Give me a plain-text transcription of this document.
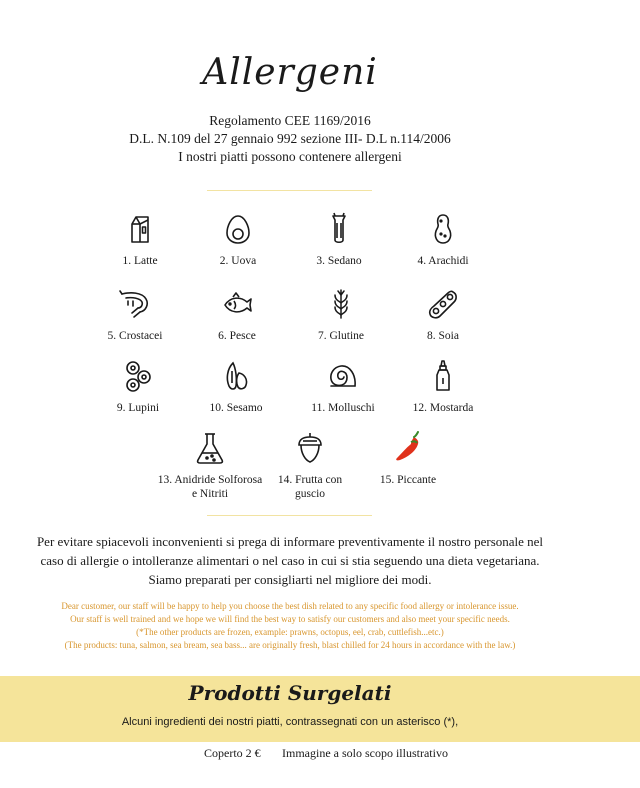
Allergeni
Regolamento CEE 1169/2016
D.L. N.109 del 27 gennaio 992 sezione III- D.L n.114/2006
I nostri piatti possono contenere allergeni
1. Latte	2. Uova	3. Sedano	4. Arachidi
5. Crostacei	6. Pesce	7. Glutine	8. Soia
9. Lupini	10. Sesamo	11. Molluschi	12. Mostarda
13. Anidride Solforosa
e Nitriti
14. Frutta con
guscio
15. Piccante
Per evitare spiacevoli inconvenienti si prega di informare preventivamente il nostro personale nel
caso di allergie o intolleranze alimentari o nel caso in cui si stia seguendo una dieta vegetariana.
Siamo preparati per consigliarti nel migliore dei modi.
Dear customer, our staff will be happy to help you choose the best dish related to any specific food allergy or intolerance issue.
Our staff is well trained and we hope we will find the best way to satisfy our customers and also meet your specific needs.
(*The other products are frozen, example: prawns, octopus, eel, crab, cuttlefish...etc.)
(The products: tuna, salmon, sea bream, sea bass... are originally fresh, blast chilled for 24 hours in accordance with the law.)
Prodotti Surgelati
Alcuni ingredienti dei nostri piatti, contrassegnati con un asterisco (*),
Coperto 2 € Immagine a solo scopo illustrativo
